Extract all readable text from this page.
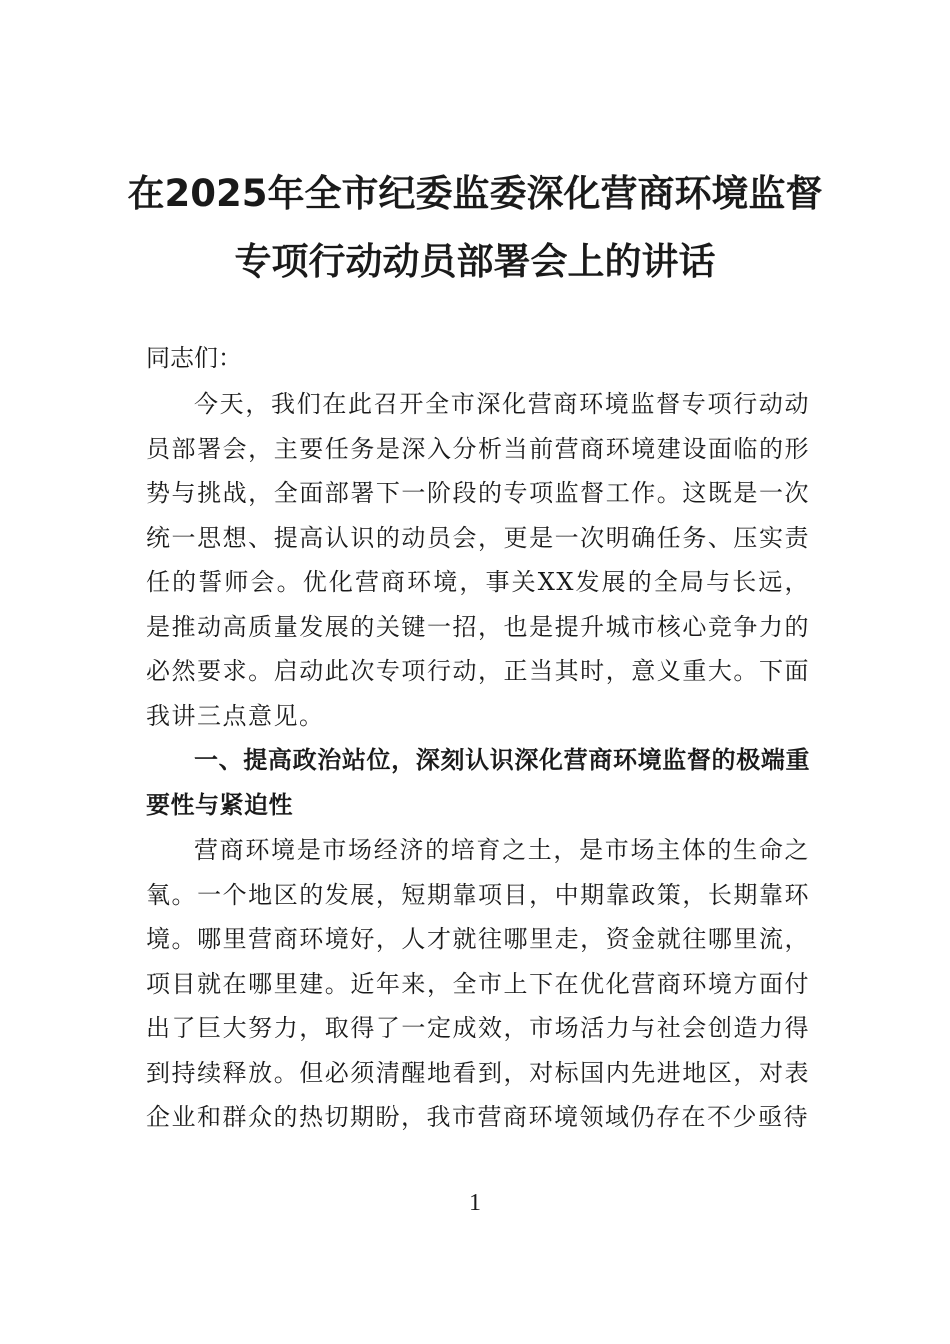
在2025年全市纪委监委深化营商环境监督
专项行动动员部署会上的讲话
同志们：
今天，我们在此召开全市深化营商环境监督专项行动动员部署会，主要任务是深入分析当前营商环境建设面临的形势与挑战，全面部署下一阶段的专项监督工作。这既是一次统一思想、提高认识的动员会，更是一次明确任务、压实责任的誓师会。优化营商环境，事关XX发展的全局与长远，是推动高质量发展的关键一招，也是提升城市核心竞争力的必然要求。启动此次专项行动，正当其时，意义重大。下面我讲三点意见。
一、提高政治站位，深刻认识深化营商环境监督的极端重要性与紧迫性
营商环境是市场经济的培育之土，是市场主体的生命之氧。一个地区的发展，短期靠项目，中期靠政策，长期靠环境。哪里营商环境好，人才就往哪里走，资金就往哪里流，项目就在哪里建。近年来，全市上下在优化营商环境方面付出了巨大努力，取得了一定成效，市场活力与社会创造力得到持续释放。但必须清醒地看到，对标国内先进地区，对表企业和群众的热切期盼，我市营商环境领域仍存在不少亟待
1
